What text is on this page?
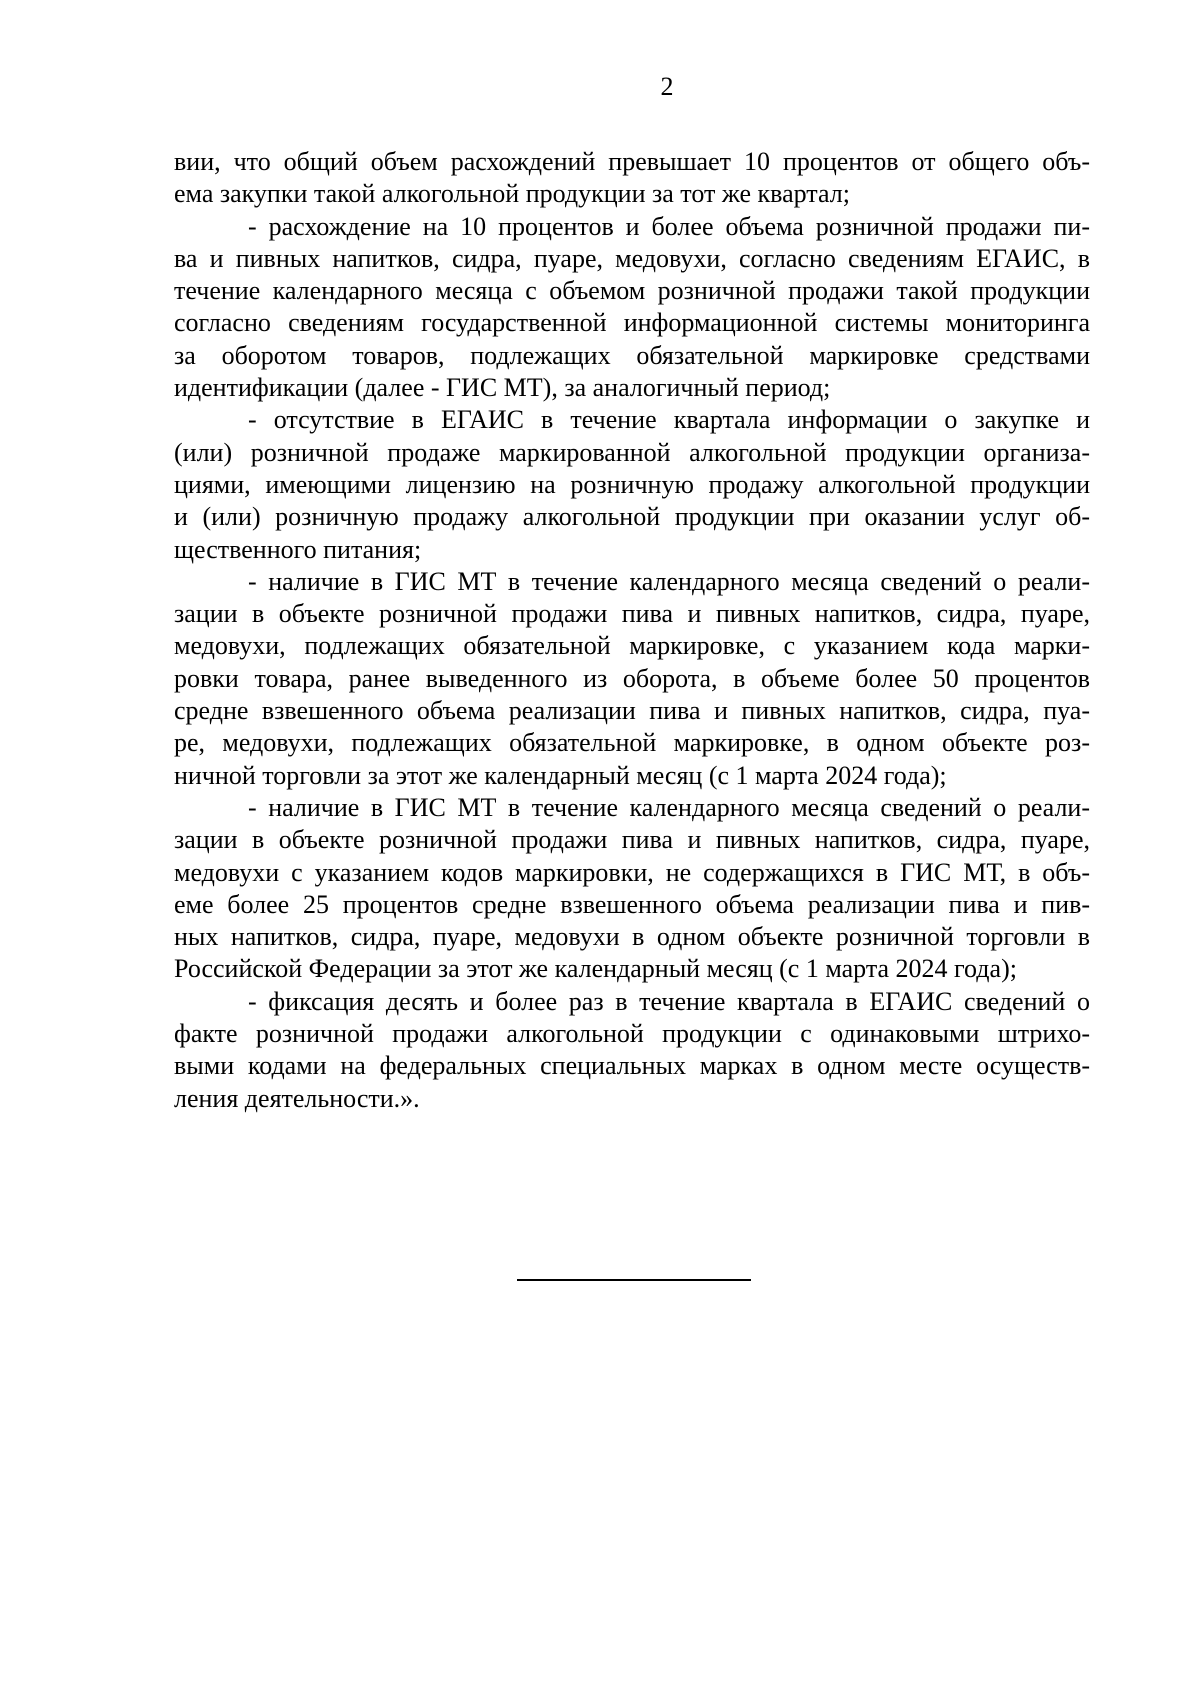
2
вии, что общий объем расхождений превышает 10 процентов от общего объ-
ема закупки такой алкогольной продукции за тот же квартал;
- расхождение на 10 процентов и более объема розничной продажи пи-
ва и пивных напитков, сидра, пуаре, медовухи, согласно сведениям ЕГАИС, в
течение календарного месяца с объемом розничной продажи такой продукции
согласно сведениям государственной информационной системы мониторинга
за оборотом товаров, подлежащих обязательной маркировке средствами
идентификации (далее - ГИС МТ), за аналогичный период;
- отсутствие в ЕГАИС в течение квартала информации о закупке и
(или) розничной продаже маркированной алкогольной продукции организа-
циями, имеющими лицензию на розничную продажу алкогольной продукции
и (или) розничную продажу алкогольной продукции при оказании услуг об-
щественного питания;
- наличие в ГИС МТ в течение календарного месяца сведений о реали-
зации в объекте розничной продажи пива и пивных напитков, сидра, пуаре,
медовухи, подлежащих обязательной маркировке, с указанием кода марки-
ровки товара, ранее выведенного из оборота, в объеме более 50 процентов
средне взвешенного объема реализации пива и пивных напитков, сидра, пуа-
ре, медовухи, подлежащих обязательной маркировке, в одном объекте роз-
ничной торговли за этот же календарный месяц (с 1 марта 2024 года);
- наличие в ГИС МТ в течение календарного месяца сведений о реали-
зации в объекте розничной продажи пива и пивных напитков, сидра, пуаре,
медовухи с указанием кодов маркировки, не содержащихся в ГИС МТ, в объ-
еме более 25 процентов средне взвешенного объема реализации пива и пив-
ных напитков, сидра, пуаре, медовухи в одном объекте розничной торговли в
Российской Федерации за этот же календарный месяц (с 1 марта 2024 года);
- фиксация десять и более раз в течение квартала в ЕГАИС сведений о
факте розничной продажи алкогольной продукции с одинаковыми штрихо-
выми кодами на федеральных специальных марках в одном месте осуществ-
ления деятельности.».
